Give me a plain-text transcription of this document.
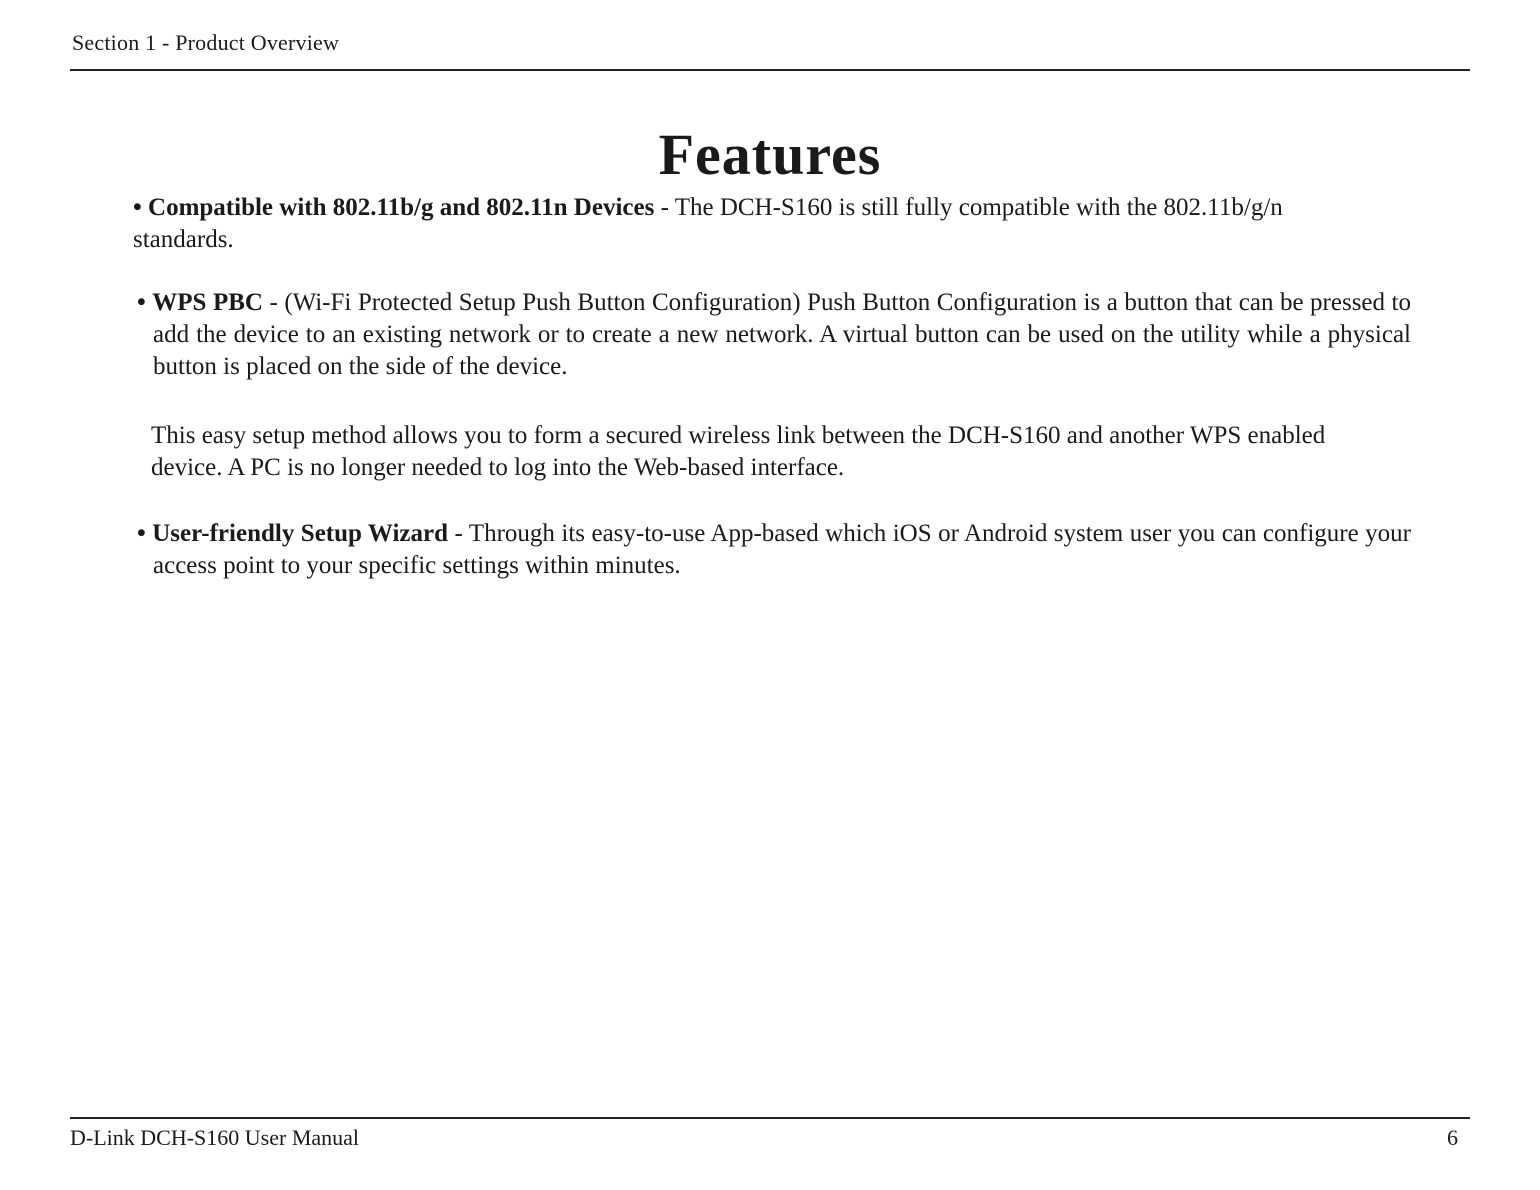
Section 1 - Product Overview
Features

• Compatible with 802.11b/g and 802.11n Devices - The DCH-S160 is still fully compatible with the 802.11b/g/n standards.

• WPS PBC - (Wi-Fi Protected Setup Push Button Configuration) Push Button Configuration is a button that can be pressed to add the device to an existing network or to create a new network. A virtual button can be used on the utility while a physical button is placed on the side of the device.

This easy setup method allows you to form a secured wireless link between the DCH-S160 and another WPS enabled device. A PC is no longer needed to log into the Web-based interface.

• User-friendly Setup Wizard - Through its easy-to-use App-based which iOS or Android system user you can configure your access point to your specific settings within minutes.

D-Link DCH-S160 User Manual	6
